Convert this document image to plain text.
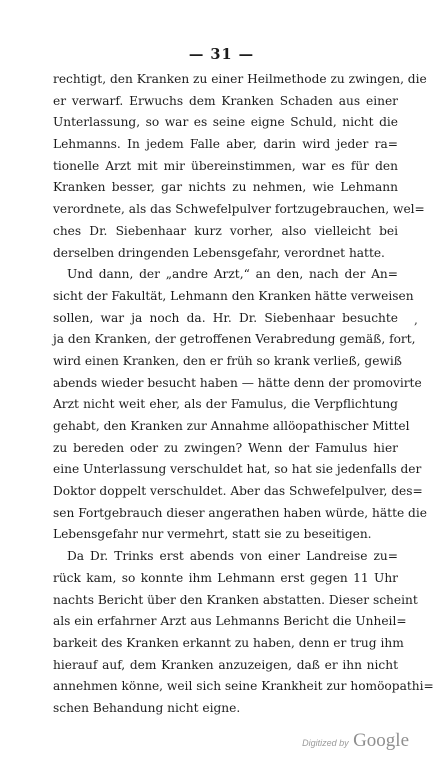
— 31 —
rechtigt, den Kranken zu einer Heilmethode zu zwingen, die
er verwarf. Erwuchs dem Kranken Schaden aus einer
Unterlassung, so war es seine eigne Schuld, nicht die
Lehmanns. In jedem Falle aber, darin wird jeder ra=
tionelle Arzt mit mir übereinstimmen, war es für den
Kranken besser, gar nichts zu nehmen, wie Lehmann
verordnete, als das Schwefelpulver fortzugebrauchen, wel=
ches Dr. Siebenhaar kurz vorher, also vielleicht bei
derselben dringenden Lebensgefahr, verordnet hatte.
Und dann, der „andre Arzt,“ an den, nach der An=
sicht der Fakultät, Lehmann den Kranken hätte verweisen
sollen, war ja noch da. Hr. Dr. Siebenhaar besuchte
ja den Kranken, der getroffenen Verabredung gemäß, fort,
wird einen Kranken, den er früh so krank verließ, gewiß
abends wieder besucht haben — hätte denn der promovirte
Arzt nicht weit eher, als der Famulus, die Verpflichtung
gehabt, den Kranken zur Annahme allöopathischer Mittel
zu bereden oder zu zwingen? Wenn der Famulus hier
eine Unterlassung verschuldet hat, so hat sie jedenfalls der
Doktor doppelt verschuldet. Aber das Schwefelpulver, des=
sen Fortgebrauch dieser angerathen haben würde, hätte die
Lebensgefahr nur vermehrt, statt sie zu beseitigen.
Da Dr. Trinks erst abends von einer Landreise zu=
rück kam, so konnte ihm Lehmann erst gegen 11 Uhr
nachts Bericht über den Kranken abstatten. Dieser scheint
als ein erfahrner Arzt aus Lehmanns Bericht die Unheil=
barkeit des Kranken erkannt zu haben, denn er trug ihm
hierauf auf, dem Kranken anzuzeigen, daß er ihn nicht
annehmen könne, weil sich seine Krankheit zur homöopathi=
schen Behandung nicht eigne.
,
Digitized by Google
